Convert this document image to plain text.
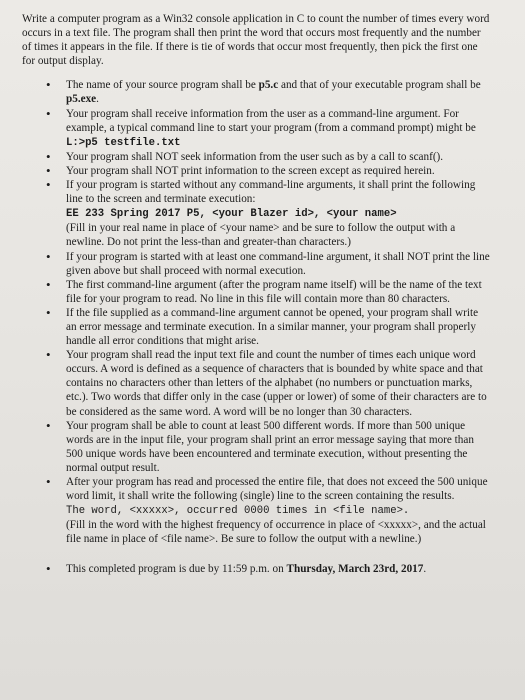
Write a computer program as a Win32 console application in C to count the number of times every word occurs in a text file. The program shall then print the word that occurs most frequently and the number of times it appears in the file. If there is tie of words that occur most frequently, then pick the first one for output display.

• The name of your source program shall be p5.c and that of your executable program shall be p5.exe.
• Your program shall receive information from the user as a command-line argument. For example, a typical command line to start your program (from a command prompt) might be
L:>p5 testfile.txt
• Your program shall NOT seek information from the user such as by a call to scanf().
• Your program shall NOT print information to the screen except as required herein.
• If your program is started without any command-line arguments, it shall print the following line to the screen and terminate execution:
EE 233 Spring 2017 P5, <your Blazer id>, <your name>
(Fill in your real name in place of <your name> and be sure to follow the output with a newline. Do not print the less-than and greater-than characters.)
• If your program is started with at least one command-line argument, it shall NOT print the line given above but shall proceed with normal execution.
• The first command-line argument (after the program name itself) will be the name of the text file for your program to read. No line in this file will contain more than 80 characters.
• If the file supplied as a command-line argument cannot be opened, your program shall write an error message and terminate execution. In a similar manner, your program shall properly handle all error conditions that might arise.
• Your program shall read the input text file and count the number of times each unique word occurs. A word is defined as a sequence of characters that is bounded by white space and that contains no characters other than letters of the alphabet (no numbers or punctuation marks, etc.). Two words that differ only in the case (upper or lower) of some of their characters are to be considered as the same word. A word will be no longer than 30 characters.
• Your program shall be able to count at least 500 different words. If more than 500 unique words are in the input file, your program shall print an error message saying that more than 500 unique words have been encountered and terminate execution, without presenting the normal output result.
• After your program has read and processed the entire file, that does not exceed the 500 unique word limit, it shall write the following (single) line to the screen containing the results.
The word, <xxxxx>, occurred 0000 times in <file name>.
(Fill in the word with the highest frequency of occurrence in place of <xxxxx>, and the actual file name in place of <file name>. Be sure to follow the output with a newline.)
• This completed program is due by 11:59 p.m. on Thursday, March 23rd, 2017.
